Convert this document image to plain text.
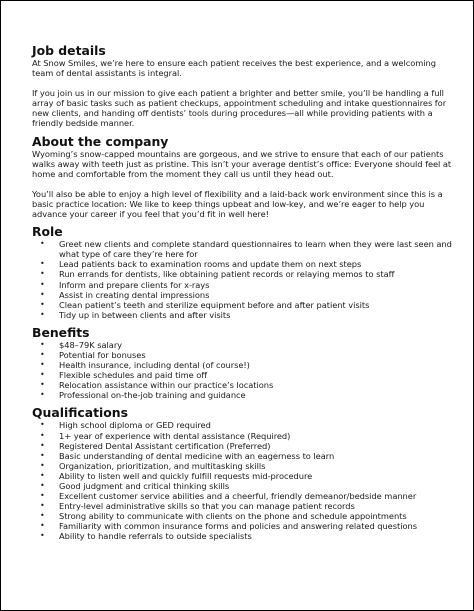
Job details

At Snow Smiles, we’re here to ensure each patient receives the best experience, and a welcoming team of dental assistants is integral.

If you join us in our mission to give each patient a brighter and better smile, you’ll be handling a full array of basic tasks such as patient checkups, appointment scheduling and intake questionnaires for new clients, and handing off dentists’ tools during procedures—all while providing patients with a friendly bedside manner.

About the company

Wyoming’s snow-capped mountains are gorgeous, and we strive to ensure that each of our patients walks away with teeth just as pristine. This isn’t your average dentist’s office: Everyone should feel at home and comfortable from the moment they call us until they head out.

You’ll also be able to enjoy a high level of flexibility and a laid-back work environment since this is a basic practice location: We like to keep things upbeat and low-key, and we’re eager to help you advance your career if you feel that you’d fit in well here!

Role
• Greet new clients and complete standard questionnaires to learn when they were last seen and what type of care they’re here for
• Lead patients back to examination rooms and update them on next steps
• Run errands for dentists, like obtaining patient records or relaying memos to staff
• Inform and prepare clients for x-rays
• Assist in creating dental impressions
• Clean patient’s teeth and sterilize equipment before and after patient visits
• Tidy up in between clients and after visits
Benefits
• $48–79K salary
• Potential for bonuses
• Health insurance, including dental (of course!)
• Flexible schedules and paid time off
• Relocation assistance within our practice’s locations
• Professional on-the-job training and guidance
Qualifications
• High school diploma or GED required
• 1+ year of experience with dental assistance (Required)
• Registered Dental Assistant certification (Preferred)
• Basic understanding of dental medicine with an eagerness to learn
• Organization, prioritization, and multitasking skills
• Ability to listen well and quickly fulfill requests mid-procedure
• Good judgment and critical thinking skills
• Excellent customer service abilities and a cheerful, friendly demeanor/bedside manner
• Entry-level administrative skills so that you can manage patient records
• Strong ability to communicate with clients on the phone and schedule appointments
• Familiarity with common insurance forms and policies and answering related questions
• Ability to handle referrals to outside specialists
